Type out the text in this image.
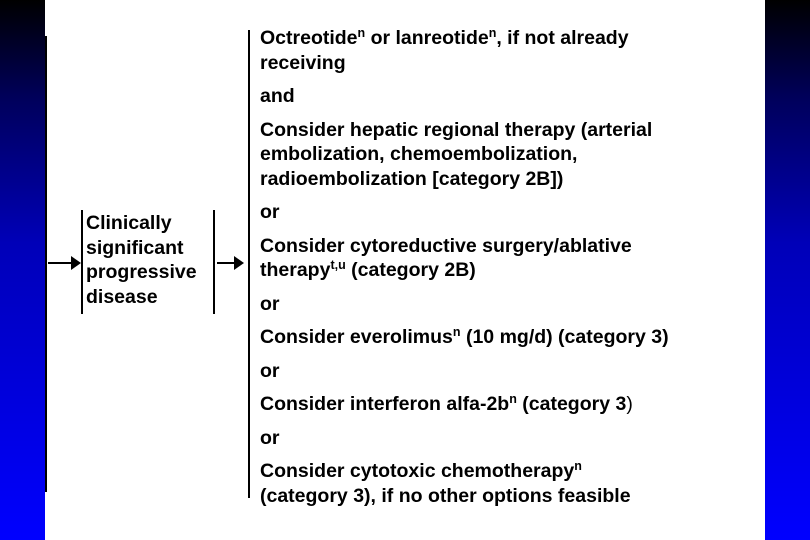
Clinically
significant
progressive
disease
Octreotide$^n$ or lanreotide$^n$, if not already
receiving
and
Consider hepatic regional therapy (arterial
embolization, chemoembolization,
radioembolization [category 2B])
or
Consider cytoreductive surgery/ablative
therapy$^{t,u}$ (category 2B)
or
Consider everolimus$^n$ (10 mg/d) (category 3)
or
Consider interferon alfa-$2b^n$ (category 3)
or
Consider cytotoxic chemotherapy$^n$
(category 3), if no other options feasible
